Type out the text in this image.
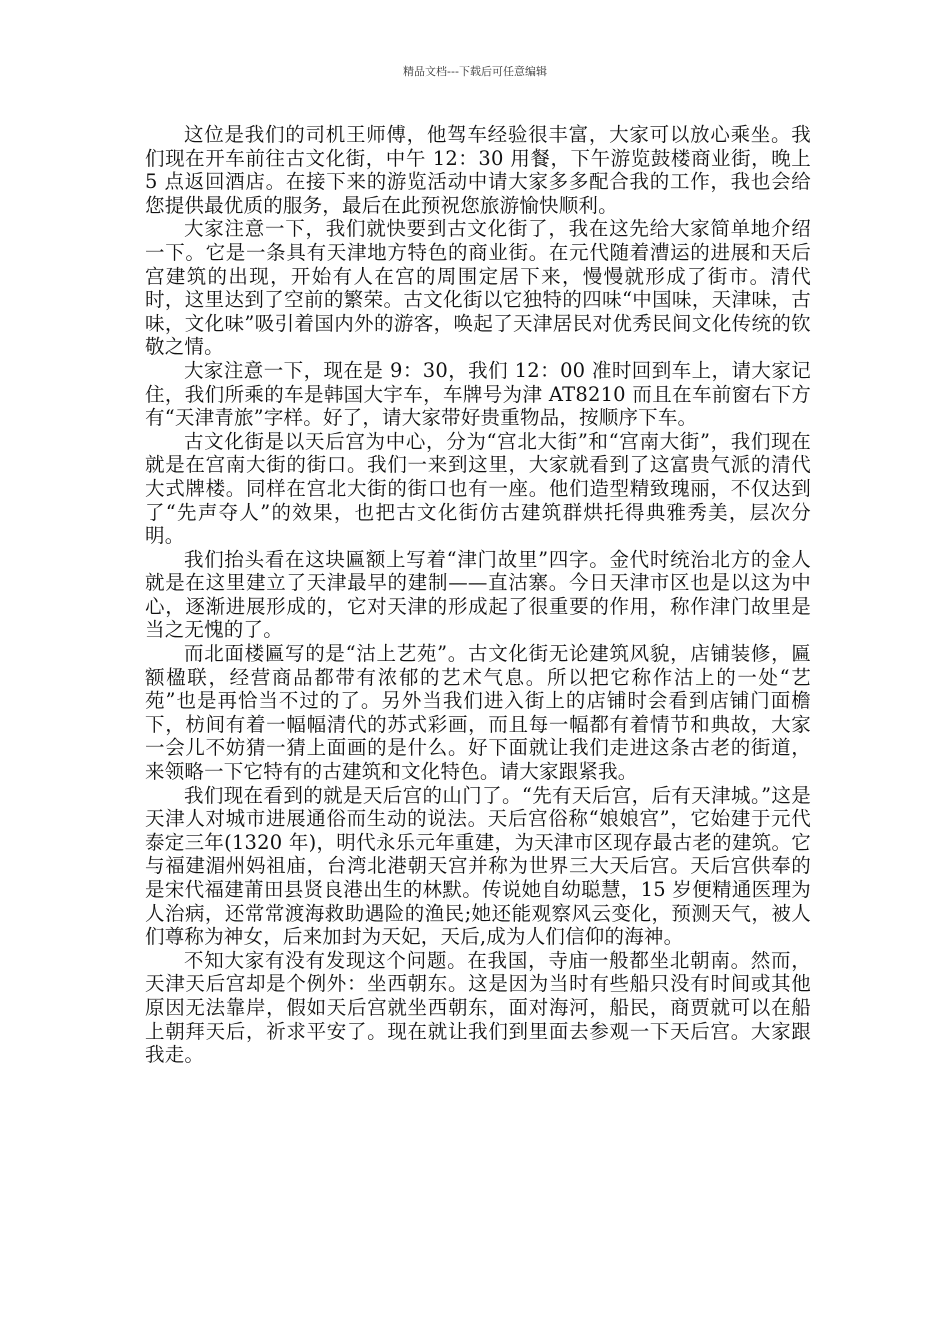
精品文档---下载后可任意编辑

这位是我们的司机王师傅，他驾车经验很丰富，大家可以放心乘坐。我们现在开车前往古文化街，中午 12：30 用餐，下午游览鼓楼商业街，晚上 5 点返回酒店。在接下来的游览活动中请大家多多配合我的工作，我也会给您提供最优质的服务，最后在此预祝您旅游愉快顺利。

大家注意一下，我们就快要到古文化街了，我在这先给大家简单地介绍一下。它是一条具有天津地方特色的商业街。在元代随着漕运的进展和天后宫建筑的出现，开始有人在宫的周围定居下来，慢慢就形成了街市。清代时，这里达到了空前的繁荣。古文化街以它独特的四味“中国味，天津味，古味，文化味”吸引着国内外的游客，唤起了天津居民对优秀民间文化传统的钦敬之情。

大家注意一下，现在是 9：30，我们 12：00 准时回到车上，请大家记住，我们所乘的车是韩国大宇车，车牌号为津 AT8210 而且在车前窗右下方有“天津青旅”字样。好了，请大家带好贵重物品，按顺序下车。

古文化街是以天后宫为中心，分为“宫北大街”和“宫南大街”，我们现在就是在宫南大街的街口。我们一来到这里，大家就看到了这富贵气派的清代大式牌楼。同样在宫北大街的街口也有一座。他们造型精致瑰丽，不仅达到了“先声夺人”的效果，也把古文化街仿古建筑群烘托得典雅秀美，层次分明。

我们抬头看在这块匾额上写着“津门故里”四字。金代时统治北方的金人就是在这里建立了天津最早的建制——直沽寨。今日天津市区也是以这为中心，逐渐进展形成的，它对天津的形成起了很重要的作用，称作津门故里是当之无愧的了。

而北面楼匾写的是“沽上艺苑”。古文化街无论建筑风貌，店铺装修，匾额楹联，经营商品都带有浓郁的艺术气息。所以把它称作沽上的一处“艺苑”也是再恰当不过的了。另外当我们进入街上的店铺时会看到店铺门面檐下，枋间有着一幅幅清代的苏式彩画，而且每一幅都有着情节和典故，大家一会儿不妨猜一猜上面画的是什么。好下面就让我们走进这条古老的街道，来领略一下它特有的古建筑和文化特色。请大家跟紧我。

我们现在看到的就是天后宫的山门了。“先有天后宫，后有天津城。”这是天津人对城市进展通俗而生动的说法。天后宫俗称“娘娘宫”，它始建于元代泰定三年(1320 年)，明代永乐元年重建，为天津市区现存最古老的建筑。它与福建湄州妈祖庙，台湾北港朝天宫并称为世界三大天后宫。天后宫供奉的是宋代福建莆田县贤良港出生的林默。传说她自幼聪慧，15 岁便精通医理为人治病，还常常渡海救助遇险的渔民;她还能观察风云变化，预测天气，被人们尊称为神女，后来加封为天妃，天后,成为人们信仰的海神。

不知大家有没有发现这个问题。在我国，寺庙一般都坐北朝南。然而，天津天后宫却是个例外：坐西朝东。这是因为当时有些船只没有时间或其他原因无法靠岸，假如天后宫就坐西朝东，面对海河，船民，商贾就可以在船上朝拜天后，祈求平安了。现在就让我们到里面去参观一下天后宫。大家跟我走。
